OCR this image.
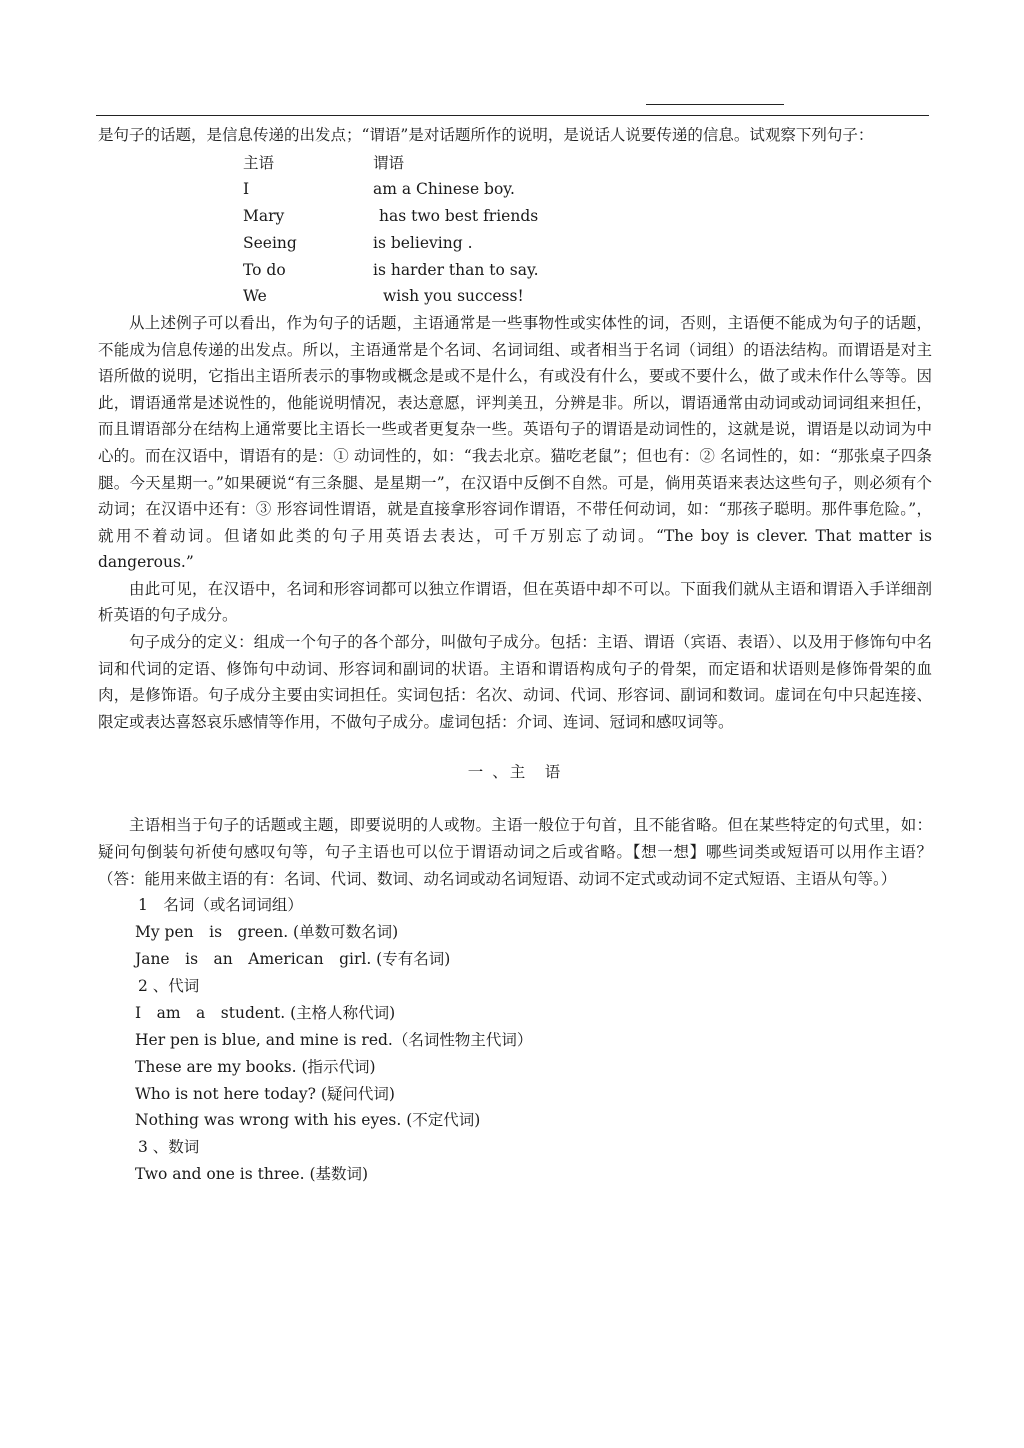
是句子的话题，是信息传递的出发点；“谓语”是对话题所作的说明，是说话人说要传递的信息。试观察下列句子：

主语	谓语
I	am a Chinese boy.
Mary	has two best friends
Seeing	is believing .
To do	is harder than to say.
We	wish you success!

从上述例子可以看出，作为句子的话题，主语通常是一些事物性或实体性的词，否则，主语便不能成为句子的话题，不能成为信息传递的出发点。所以，主语通常是个名词、名词词组、或者相当于名词（词组）的语法结构。而谓语是对主语所做的说明，它指出主语所表示的事物或概念是或不是什么，有或没有什么，要或不要什么，做了或未作什么等等。因此，谓语通常是述说性的，他能说明情况，表达意愿，评判美丑，分辨是非。所以，谓语通常由动词或动词词组来担任，而且谓语部分在结构上通常要比主语长一些或者更复杂一些。英语句子的谓语是动词性的，这就是说，谓语是以动词为中心的。而在汉语中，谓语有的是：① 动词性的，如：“我去北京。猫吃老鼠”；但也有：② 名词性的，如：“那张桌子四条腿。今天星期一。”如果硬说“有三条腿、是星期一”，在汉语中反倒不自然。可是，倘用英语来表达这些句子，则必须有个动词；在汉语中还有：③ 形容词性谓语，就是直接拿形容词作谓语，不带任何动词，如：“那孩子聪明。那件事危险。”，就用不着动词。但诸如此类的句子用英语去表达，可千万别忘了动词。“The boy is clever. That matter is dangerous.”

由此可见，在汉语中，名词和形容词都可以独立作谓语，但在英语中却不可以。下面我们就从主语和谓语入手详细剖析英语的句子成分。

句子成分的定义：组成一个句子的各个部分，叫做句子成分。包括：主语、谓语（宾语、表语）、以及用于修饰句中名词和代词的定语、修饰句中动词、形容词和副词的状语。主语和谓语构成句子的骨架，而定语和状语则是修饰骨架的血肉，是修饰语。句子成分主要由实词担任。实词包括：名次、动词、代词、形容词、副词和数词。虚词在句中只起连接、限定或表达喜怒哀乐感情等作用，不做句子成分。虚词包括：介词、连词、冠词和感叹词等。

一 、主　语

主语相当于句子的话题或主题，即要说明的人或物。主语一般位于句首，且不能省略。但在某些特定的句式里，如：疑问句倒装句祈使句感叹句等，句子主语也可以位于谓语动词之后或省略。【想一想】哪些词类或短语可以用作主语？（答：能用来做主语的有：名词、代词、数词、动名词或动名词短语、动词不定式或动词不定式短语、主语从句等。）

1　名词（或名词词组）
My pen　is　green. (单数可数名词)
Jane　is　an　American　girl. (专有名词)
2 、代词
I　am　a　student. (主格人称代词)
Her pen is blue, and mine is red.（名词性物主代词）
These are my books. (指示代词)
Who is not here today? (疑问代词)
Nothing was wrong with his eyes. (不定代词)
3 、数词
Two and one is three. (基数词)
